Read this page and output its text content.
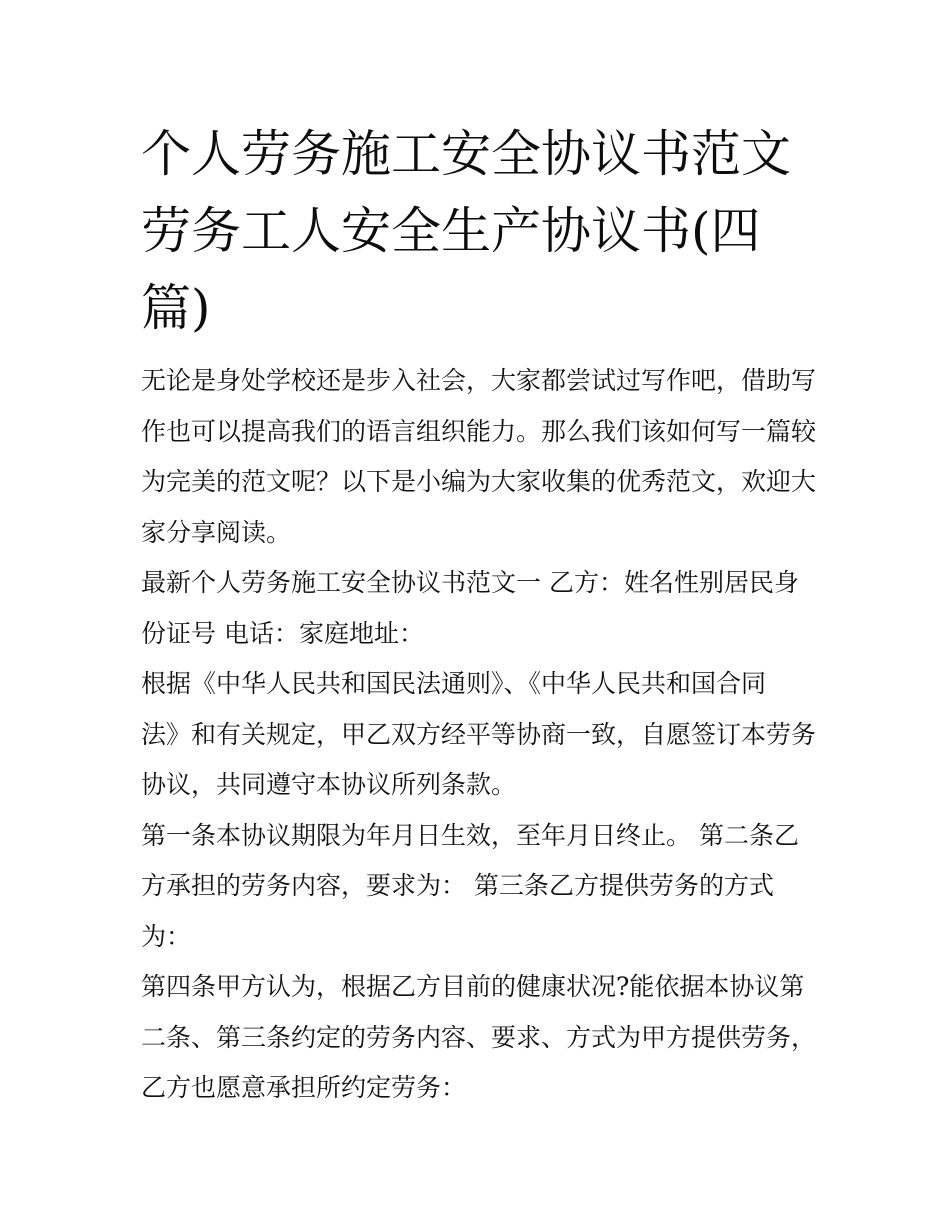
个人劳务施工安全协议书范文
劳务工人安全生产协议书(四
篇)
无论是身处学校还是步入社会，大家都尝试过写作吧，借助写
作也可以提高我们的语言组织能力。那么我们该如何写一篇较
为完美的范文呢？以下是小编为大家收集的优秀范文，欢迎大
家分享阅读。
最新个人劳务施工安全协议书范文一 乙方：姓名性别居民身
份证号 电话：家庭地址：
根据《中华人民共和国民法通则》、《中华人民共和国合同
法》和有关规定，甲乙双方经平等协商一致，自愿签订本劳务
协议，共同遵守本协议所列条款。
第一条本协议期限为年月日生效，至年月日终止。 第二条乙
方承担的劳务内容，要求为： 第三条乙方提供劳务的方式
为：
第四条甲方认为，根据乙方目前的健康状况?能依据本协议第
二条、第三条约定的劳务内容、要求、方式为甲方提供劳务，
乙方也愿意承担所约定劳务：
